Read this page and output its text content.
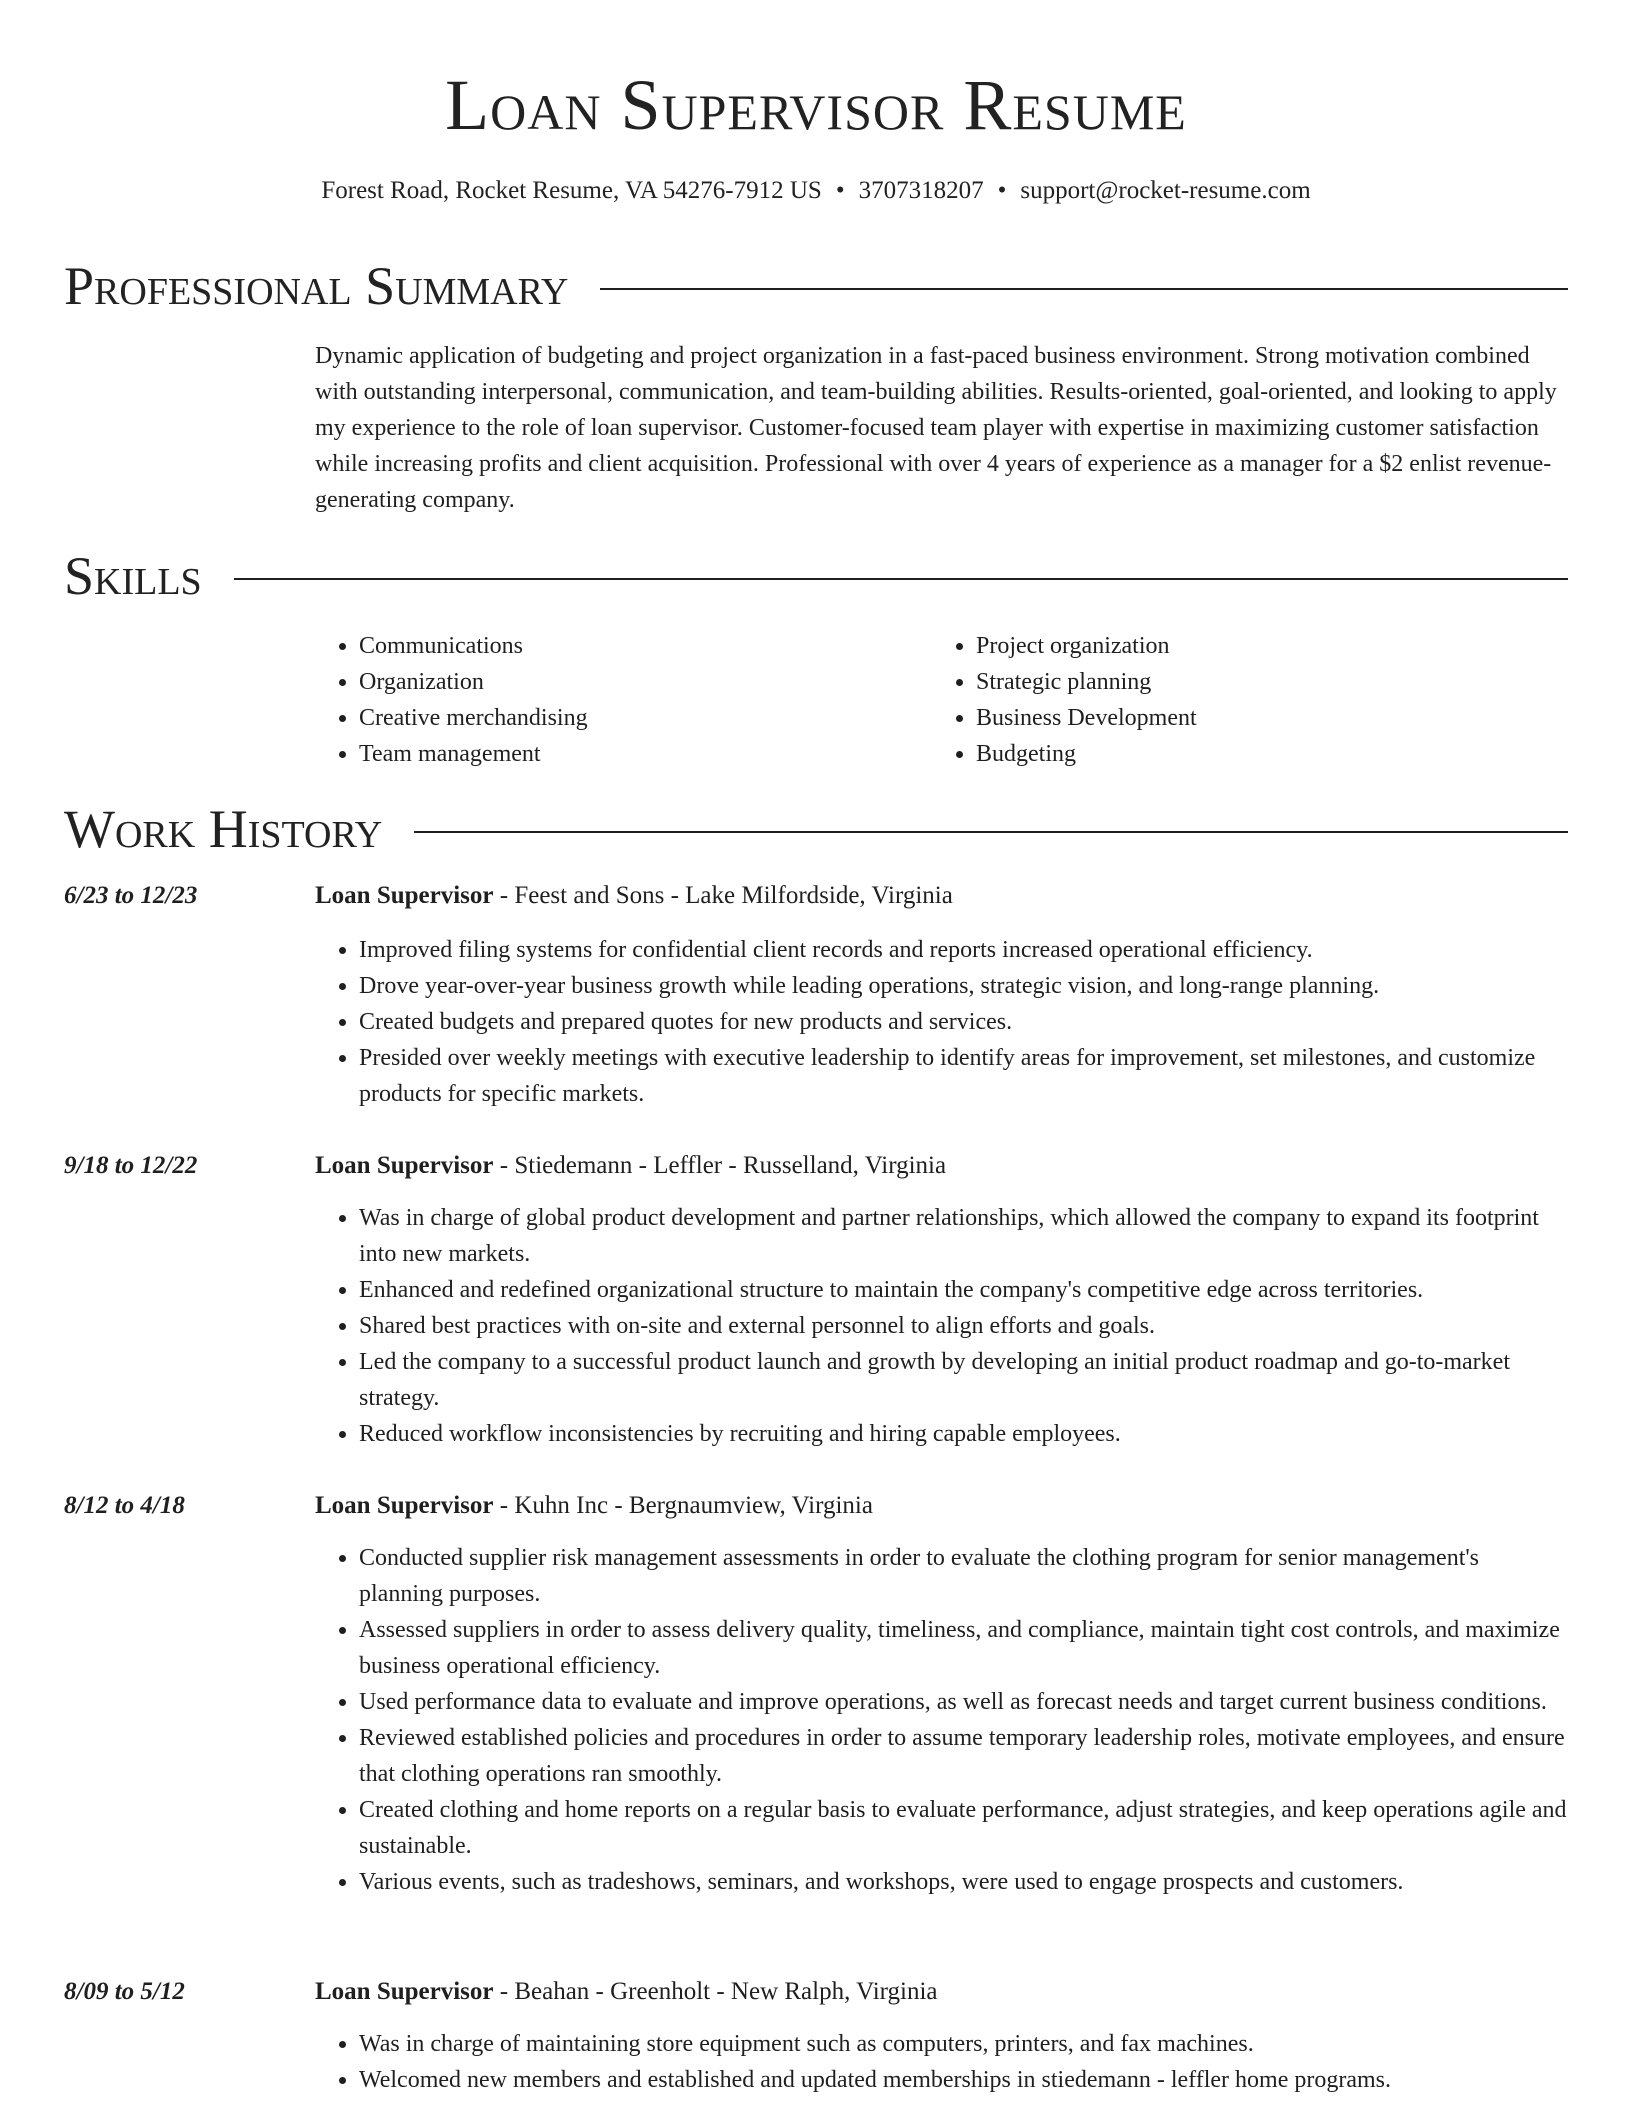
Loan Supervisor Resume
Forest Road, Rocket Resume, VA 54276-7912 US • 3707318207 • support@rocket-resume.com
Professional Summary

Dynamic application of budgeting and project organization in a fast-paced business environment. Strong motivation combined with outstanding interpersonal, communication, and team-building abilities. Results-oriented, goal-oriented, and looking to apply my experience to the role of loan supervisor. Customer-focused team player with expertise in maximizing customer satisfaction while increasing profits and client acquisition. Professional with over 4 years of experience as a manager for a $2 enlist revenue-generating company.

Skills
• Communications
• Organization
• Creative merchandising
• Team management
• Project organization
• Strategic planning
• Business Development
• Budgeting
Work History
6/23 to 12/23	Loan Supervisor - Feest and Sons - Lake Milfordside, Virginia
• Improved filing systems for confidential client records and reports increased operational efficiency.
• Drove year-over-year business growth while leading operations, strategic vision, and long-range planning.
• Created budgets and prepared quotes for new products and services.
• Presided over weekly meetings with executive leadership to identify areas for improvement, set milestones, and customize products for specific markets.
9/18 to 12/22	Loan Supervisor - Stiedemann - Leffler - Russelland, Virginia
• Was in charge of global product development and partner relationships, which allowed the company to expand its footprint into new markets.
• Enhanced and redefined organizational structure to maintain the company's competitive edge across territories.
• Shared best practices with on-site and external personnel to align efforts and goals.
• Led the company to a successful product launch and growth by developing an initial product roadmap and go-to-market strategy.
• Reduced workflow inconsistencies by recruiting and hiring capable employees.
8/12 to 4/18	Loan Supervisor - Kuhn Inc - Bergnaumview, Virginia
• Conducted supplier risk management assessments in order to evaluate the clothing program for senior management's planning purposes.
• Assessed suppliers in order to assess delivery quality, timeliness, and compliance, maintain tight cost controls, and maximize business operational efficiency.
• Used performance data to evaluate and improve operations, as well as forecast needs and target current business conditions.
• Reviewed established policies and procedures in order to assume temporary leadership roles, motivate employees, and ensure that clothing operations ran smoothly.
• Created clothing and home reports on a regular basis to evaluate performance, adjust strategies, and keep operations agile and sustainable.
• Various events, such as tradeshows, seminars, and workshops, were used to engage prospects and customers.
8/09 to 5/12	Loan Supervisor - Beahan - Greenholt - New Ralph, Virginia
• Was in charge of maintaining store equipment such as computers, printers, and fax machines.
• Welcomed new members and established and updated memberships in stiedemann - leffler home programs.
